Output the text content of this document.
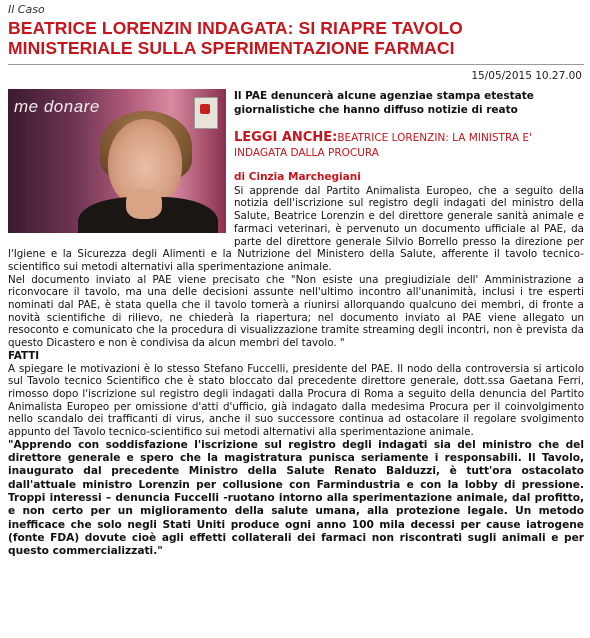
Il Caso
BEATRICE LORENZIN INDAGATA: SI RIAPRE TAVOLO MINISTERIALE SULLA SPERIMENTAZIONE FARMACI
15/05/2015 10.27.00
me donare

Il PAE denuncerà alcune agenziae stampa etestate giornalistiche che hanno diffuso notizie di reato

LEGGI ANCHE:BEATRICE LORENZIN: LA MINISTRA E' INDAGATA DALLA PROCURA
di Cinzia Marchegiani

Si apprende dal Partito Animalista Europeo, che a seguito della notizia dell'iscrizione sul registro degli indagati del ministro della Salute, Beatrice Lorenzin e del direttore generale sanità animale e farmaci veterinari, è pervenuto un documento ufficiale al PAE, da parte del direttore generale Silvio Borrello presso la direzione per l'Igiene e la Sicurezza degli Alimenti e la Nutrizione del Ministero della Salute, afferente il tavolo tecnico-scientifico sui metodi alternativi alla sperimentazione animale.

Nel documento inviato al PAE viene precisato che "Non esiste una pregiudiziale dell' Amministrazione a riconvocare il tavolo, ma una delle decisioni assunte nell'ultimo incontro all'unanimità, inclusi i tre esperti nominati dal PAE, è stata quella che il tavolo tornerà a riunirsi allorquando qualcuno dei membri, di fronte a novità scientifiche di rilievo, ne chiederà la riapertura; nel documento inviato al PAE viene allegato un resoconto e comunicato che la procedura di visualizzazione tramite streaming degli incontri, non è prevista da questo Dicastero e non è condivisa da alcun membri del tavolo. "

FATTI

A spiegare le motivazioni è lo stesso Stefano Fuccelli, presidente del PAE. Il nodo della controversia si articolo sul Tavolo tecnico Scientifico che è stato bloccato dal precedente direttore generale, dott.ssa Gaetana Ferri, rimosso dopo l'iscrizione sul registro degli indagati dalla Procura di Roma a seguito della denuncia del Partito Animalista Europeo per omissione d'atti d'ufficio, già indagato dalla medesima Procura per il coinvolgimento nello scandalo dei trafficanti di virus, anche il suo successore continua ad ostacolare il regolare svolgimento appunto del Tavolo tecnico-scientifico sui metodi alternativi alla sperimentazione animale.

"Apprendo con soddisfazione l'iscrizione sul registro degli indagati sia del ministro che del direttore generale e spero che la magistratura punisca seriamente i responsabili. Il Tavolo, inaugurato dal precedente Ministro della Salute Renato Balduzzi, è tutt'ora ostacolato dall'attuale ministro Lorenzin per collusione con Farmindustria e con la lobby di pressione. Troppi interessi – denuncia Fuccelli -ruotano intorno alla sperimentazione animale, dal profitto, e non certo per un miglioramento della salute umana, alla protezione legale. Un metodo inefficace che solo negli Stati Uniti produce ogni anno 100 mila decessi per cause iatrogene (fonte FDA) dovute cioè agli effetti collaterali dei farmaci non riscontrati sugli animali e per questo commercializzati."
